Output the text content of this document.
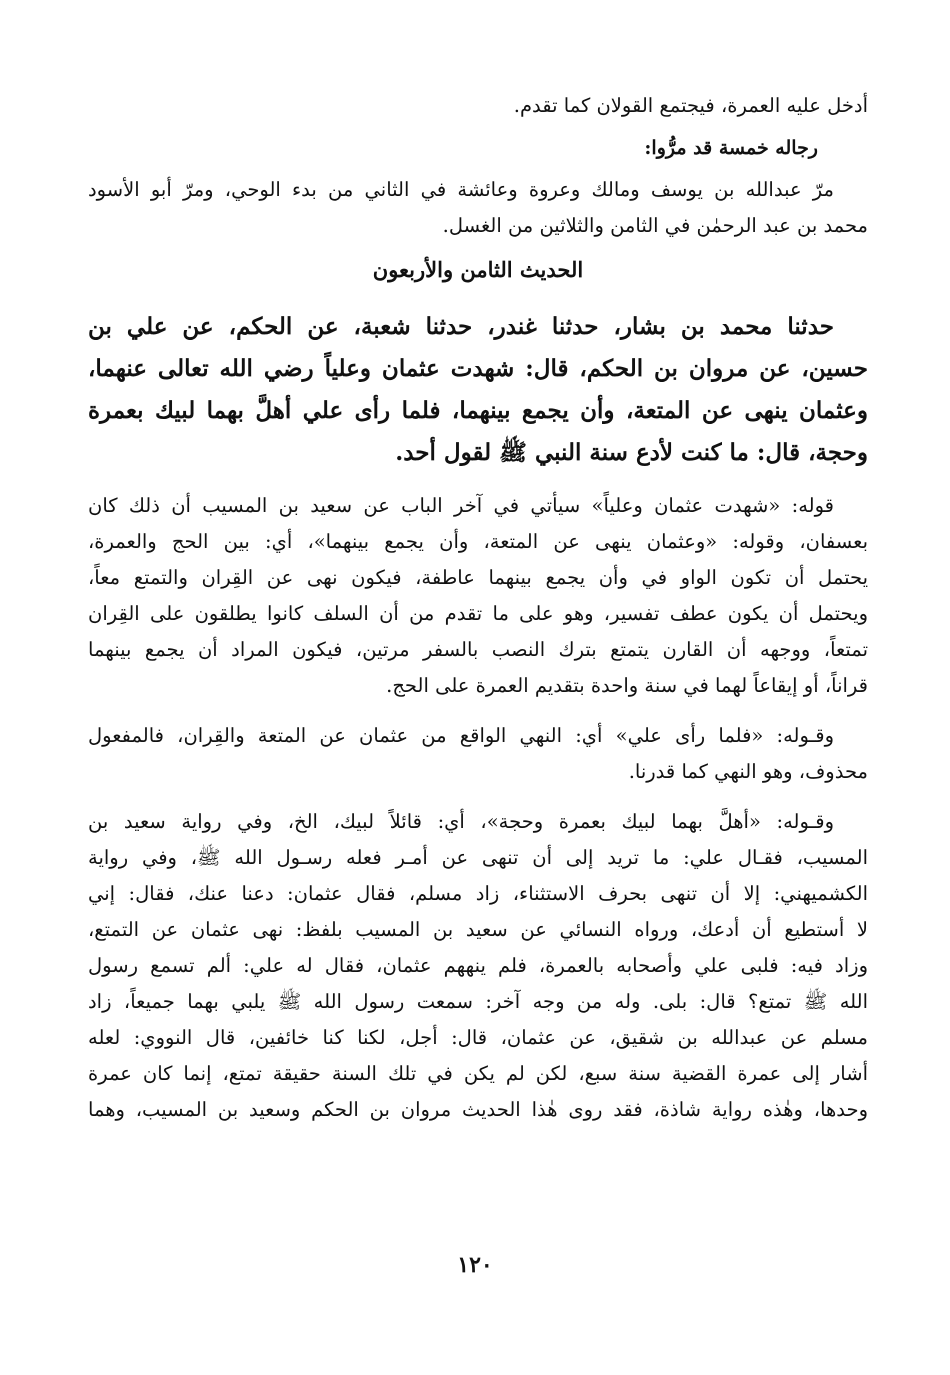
أدخل عليه العمرة، فيجتمع القولان كما تقدم.
رجاله خمسة قد مرُّوا:
مرّ عبدالله بن يوسف ومالك وعروة وعائشة في الثاني من بدء الوحي، ومرّ أبو الأسود
محمد بن عبد الرحمٰن في الثامن والثلاثين من الغسل.
الحديث الثامن والأربعون
حدثنا محمد بن بشار، حدثنا غندر، حدثنا شعبة، عن الحكم، عن علي بن
حسين، عن مروان بن الحكم، قال: شهدت عثمان وعلياً رضي الله تعالى عنهما،
وعثمان ينهى عن المتعة، وأن يجمع بينهما، فلما رأى علي أهلَّ بهما لبيك بعمرة
وحجة، قال: ما كنت لأدع سنة النبي ﷺ لقول أحد.
قوله: «شهدت عثمان وعلياً» سيأتي في آخر الباب عن سعيد بن المسيب أن ذلك كان
بعسفان، وقوله: «وعثمان ينهى عن المتعة، وأن يجمع بينهما»، أي: بين الحج والعمرة،
يحتمل أن تكون الواو في وأن يجمع بينهما عاطفة، فيكون نهى عن القِران والتمتع معاً،
ويحتمل أن يكون عطف تفسير، وهو على ما تقدم من أن السلف كانوا يطلقون على القِران
تمتعاً، ووجهه أن القارن يتمتع بترك النصب بالسفر مرتين، فيكون المراد أن يجمع بينهما
قراناً، أو إيقاعاً لهما في سنة واحدة بتقديم العمرة على الحج.
وقـوله: «فلما رأى علي» أي: النهي الواقع من عثمان عن المتعة والقِران، فالمفعول
محذوف، وهو النهي كما قدرنا.
وقـوله: «أهلَّ بهما لبيك بعمرة وحجة»، أي: قائلاً لبيك، الخ، وفي رواية سعيد بن
المسيب، فقـال علي: ما تريد إلى أن تنهى عن أمـر فعله رسـول الله ﷺ، وفي رواية
الكشميهني: إلا أن تنهى بحرف الاستثناء، زاد مسلم، فقال عثمان: دعنا عنك، فقال: إني
لا أستطيع أن أدعك، ورواه النسائي عن سعيد بن المسيب بلفظ: نهى عثمان عن التمتع،
وزاد فيه: فلبى علي وأصحابه بالعمرة، فلم ينههم عثمان، فقال له علي: ألم تسمع رسول
الله ﷺ تمتع؟ قال: بلى. وله من وجه آخر: سمعت رسول الله ﷺ يلبي بهما جميعاً، زاد
مسلم عن عبدالله بن شقيق، عن عثمان، قال: أجل، لكنا كنا خائفين، قال النووي: لعله
أشار إلى عمرة القضية سنة سبع، لكن لم يكن في تلك السنة حقيقة تمتع، إنما كان عمرة
وحدها، وهٰذه رواية شاذة، فقد روى هٰذا الحديث مروان بن الحكم وسعيد بن المسيب، وهما
١٢٠
